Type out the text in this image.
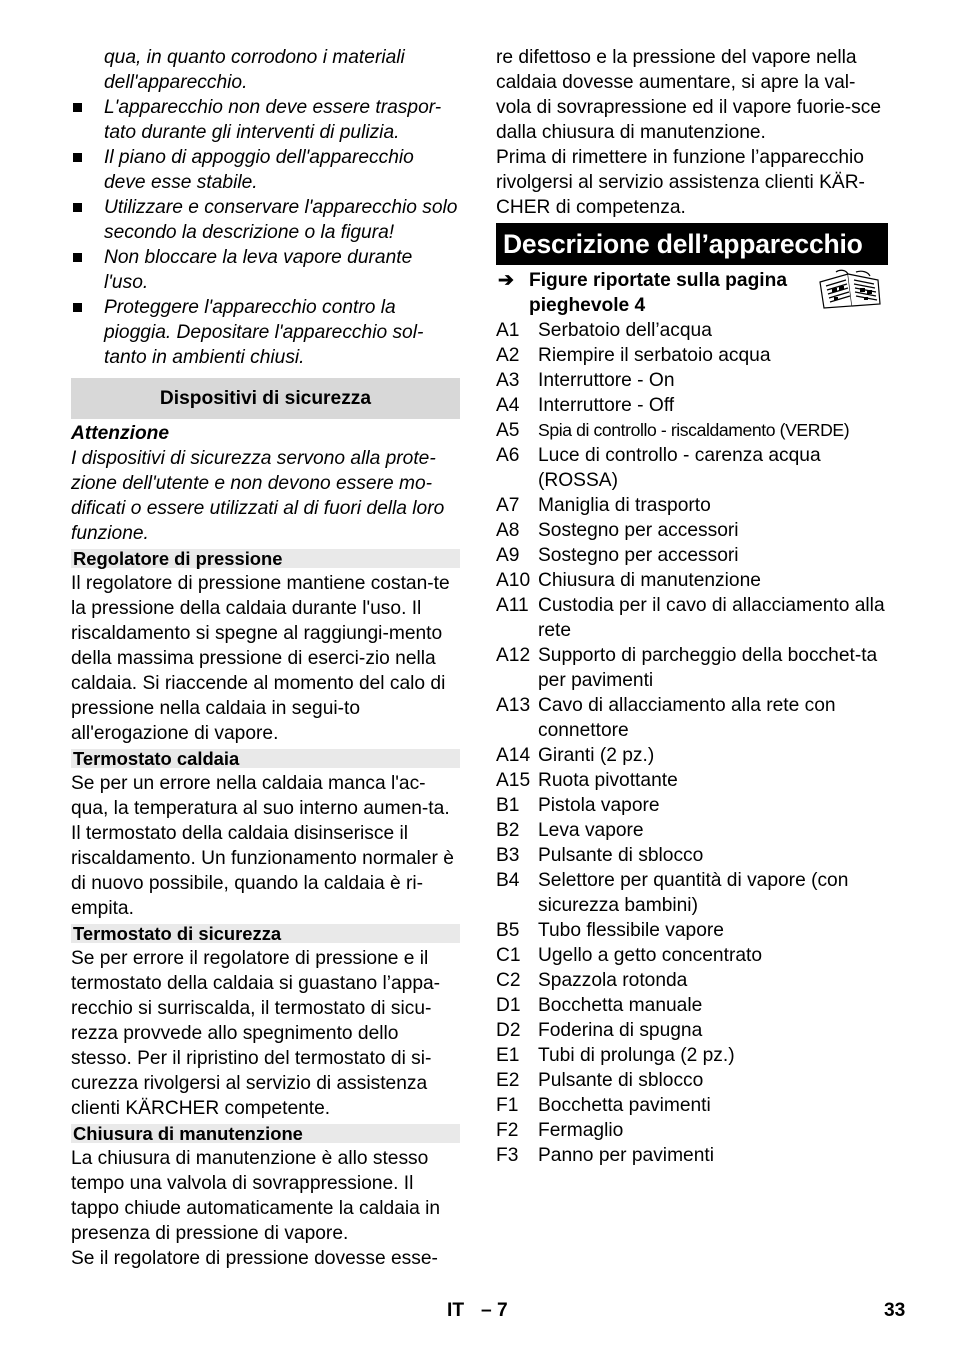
qua, in quanto corrodono i materiali dell'apparecchio.
L'apparecchio non deve essere traspor-tato durante gli interventi di pulizia.
Il piano di appoggio dell'apparecchio deve esse stabile.
Utilizzare e conservare l'apparecchio solo secondo la descrizione o la figura!
Non bloccare la leva vapore durante l'uso.
Proteggere l'apparecchio contro la pioggia. Depositare l'apparecchio sol-tanto in ambienti chiusi.
Dispositivi di sicurezza
Attenzione
I dispositivi di sicurezza servono alla prote-zione dell'utente e non devono essere mo-dificati o essere utilizzati al di fuori della loro funzione.
Regolatore di pressione
Il regolatore di pressione mantiene costan-te la pressione della caldaia durante l'uso. Il riscaldamento si spegne al raggiungi-mento della massima pressione di eserci-zio nella caldaia. Si riaccende al momento del calo di pressione nella caldaia in segui-to all'erogazione di vapore.
Termostato caldaia
Se per un errore nella caldaia manca l'ac-qua, la temperatura al suo interno aumen-ta. Il termostato della caldaia disinserisce il riscaldamento. Un funzionamento normaler è di nuovo possibile, quando la caldaia è ri-empita.
Termostato di sicurezza
Se per errore il regolatore di pressione e il termostato della caldaia si guastano l’appa-recchio si surriscalda, il termostato di sicu-rezza provvede allo spegnimento dello stesso. Per il ripristino del termostato di si-curezza rivolgersi al servizio di assistenza clienti KÄRCHER competente.
Chiusura di manutenzione
La chiusura di manutenzione è allo stesso tempo una valvola di sovrappressione. Il tappo chiude automaticamente la caldaia in presenza di pressione di vapore.
Se il regolatore di pressione dovesse esse-
re difettoso e la pressione del vapore nella caldaia dovesse aumentare, si apre la val-vola di sovrapressione ed il vapore fuorie-sce dalla chiusura di manutenzione.
Prima di rimettere in funzione l’apparecchio rivolgersi al servizio assistenza clienti KÄR-CHER di competenza.
Descrizione dell’apparecchio
➔ Figure riportate sulla pagina pieghevole 4
A1 Serbatoio dell’acqua
A2 Riempire il serbatoio acqua
A3 Interruttore - On
A4 Interruttore - Off
A5	Spia di controllo - riscaldamento (VERDE)
A6 Luce di controllo - carenza acqua (ROSSA)
A7 Maniglia di trasporto
A8 Sostegno per accessori
A9 Sostegno per accessori
A10 Chiusura di manutenzione
A11 Custodia per il cavo di allacciamento alla rete
A12 Supporto di parcheggio della bocchet-ta per pavimenti
A13 Cavo di allacciamento alla rete con connettore
A14 Giranti (2 pz.)
A15 Ruota pivottante
B1 Pistola vapore
B2 Leva vapore
B3 Pulsante di sblocco
B4 Selettore per quantità di vapore (con sicurezza bambini)
B5 Tubo flessibile vapore
C1 Ugello a getto concentrato
C2 Spazzola rotonda
D1 Bocchetta manuale
D2 Foderina di spugna
E1 Tubi di prolunga (2 pz.)
E2 Pulsante di sblocco
F1	Bocchetta pavimenti
F2	Fermaglio
F3	Panno per pavimenti
IT – 7	33
